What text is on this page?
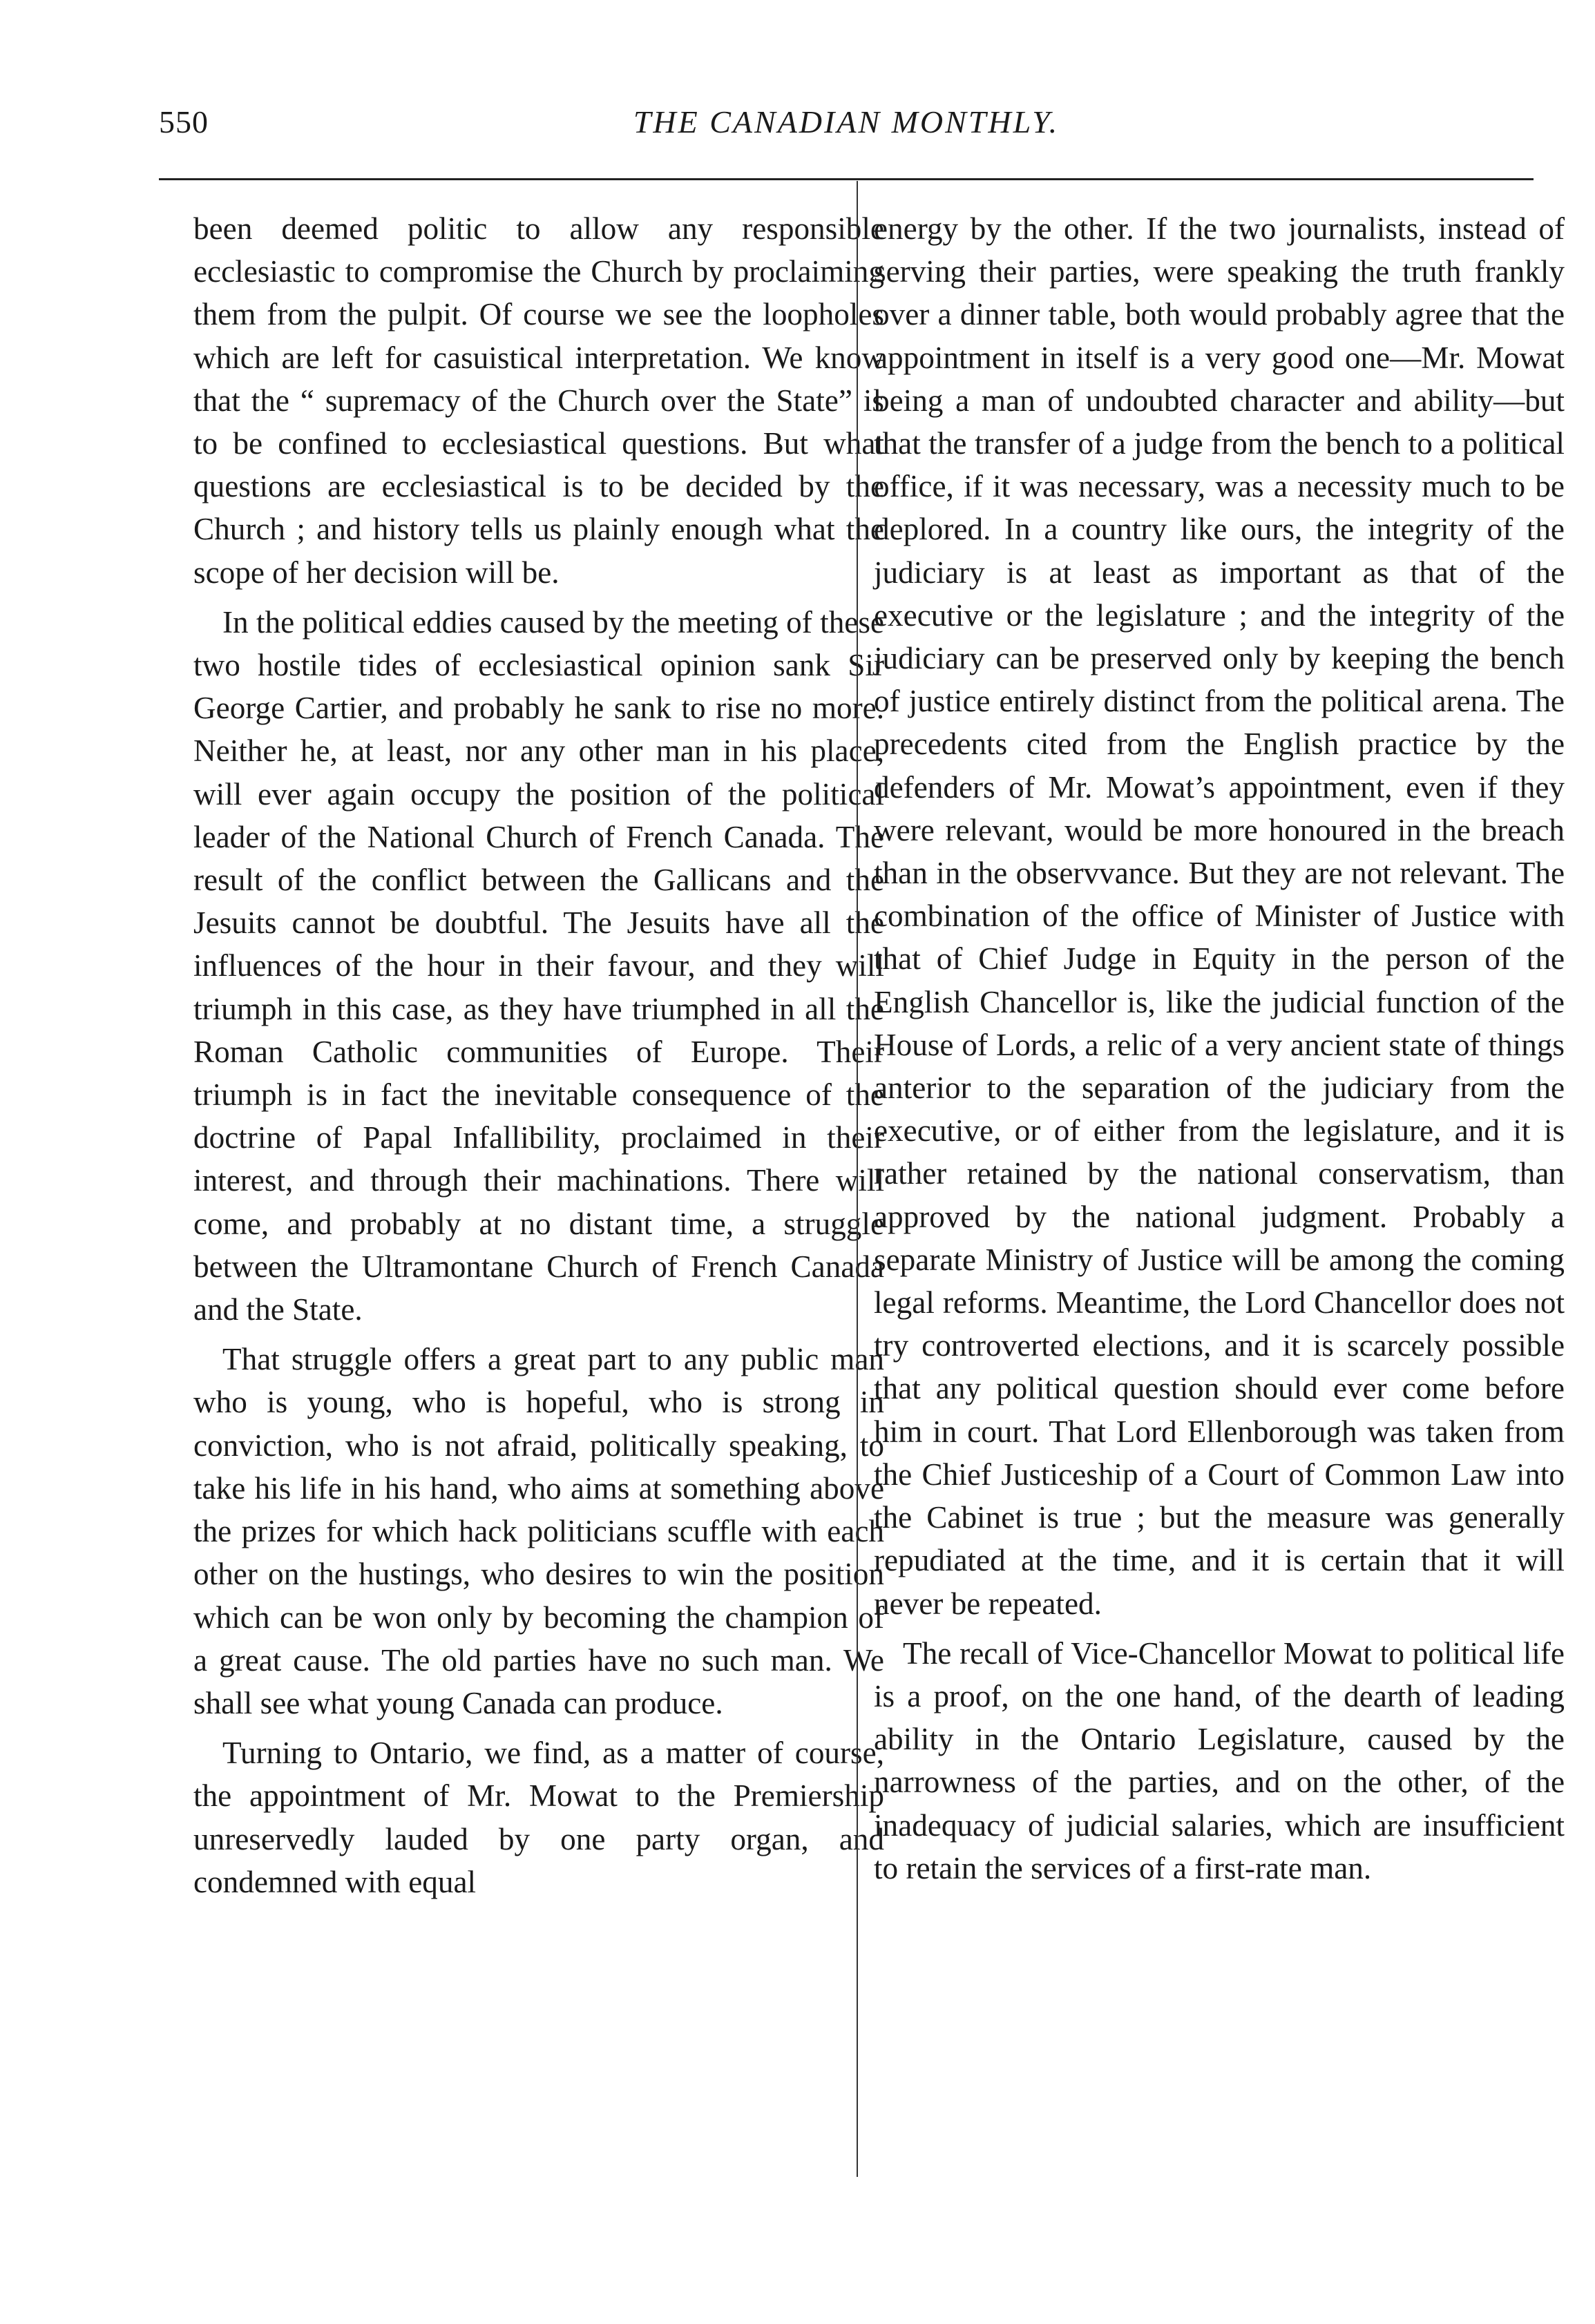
550	THE CANADIAN MONTHLY.

been deemed politic to allow any responsible ecclesiastic to compromise the Church by proclaiming them from the pulpit. Of course we see the loopholes which are left for casuistical interpretation. We know that the “ supremacy of the Church over the State” is to be confined to ecclesiastical questions. But what questions are ecclesiastical is to be decided by the Church ; and history tells us plainly enough what the scope of her decision will be.

In the political eddies caused by the meeting of these two hostile tides of ecclesiastical opinion sank Sir George Cartier, and probably he sank to rise no more. Neither he, at least, nor any other man in his place, will ever again occupy the position of the political leader of the National Church of French Canada. The result of the conflict between the Gallicans and the Jesuits cannot be doubtful. The Jesuits have all the influences of the hour in their favour, and they will triumph in this case, as they have triumphed in all the Roman Catholic communities of Europe. Their triumph is in fact the inevitable consequence of the doctrine of Papal Infallibility, proclaimed in their interest, and through their machinations. There will come, and probably at no distant time, a struggle between the Ultramontane Church of French Canada and the State.

That struggle offers a great part to any public man who is young, who is hopeful, who is strong in conviction, who is not afraid, politically speaking, to take his life in his hand, who aims at something above the prizes for which hack politicians scuffle with each other on the hustings, who desires to win the position which can be won only by becoming the champion of a great cause. The old parties have no such man. We shall see what young Canada can produce.

Turning to Ontario, we find, as a matter of course, the appointment of Mr. Mowat to the Premiership unreservedly lauded by one party organ, and condemned with equal

energy by the other. If the two journalists, instead of serving their parties, were speaking the truth frankly over a dinner table, both would probably agree that the appointment in itself is a very good one—Mr. Mowat being a man of undoubted character and ability—but that the transfer of a judge from the bench to a political office, if it was necessary, was a necessity much to be deplored. In a country like ours, the integrity of the judiciary is at least as important as that of the executive or the legislature ; and the integrity of the judiciary can be preserved only by keeping the bench of justice entirely distinct from the political arena. The precedents cited from the English practice by the defenders of Mr. Mowat’s appointment, even if they were relevant, would be more honoured in the breach than in the observvance. But they are not relevant. The combination of the office of Minister of Justice with that of Chief Judge in Equity in the person of the English Chancellor is, like the judicial function of the House of Lords, a relic of a very ancient state of things anterior to the separation of the judiciary from the executive, or of either from the legislature, and it is rather retained by the national conservatism, than approved by the national judgment. Probably a separate Ministry of Justice will be among the coming legal reforms. Meantime, the Lord Chancellor does not try controverted elections, and it is scarcely possible that any political question should ever come before him in court. That Lord Ellenborough was taken from the Chief Justiceship of a Court of Common Law into the Cabinet is true ; but the measure was generally repudiated at the time, and it is certain that it will never be repeated.

The recall of Vice-Chancellor Mowat to political life is a proof, on the one hand, of the dearth of leading ability in the Ontario Legislature, caused by the narrowness of the parties, and on the other, of the inadequacy of judicial salaries, which are insufficient to retain the services of a first-rate man.
